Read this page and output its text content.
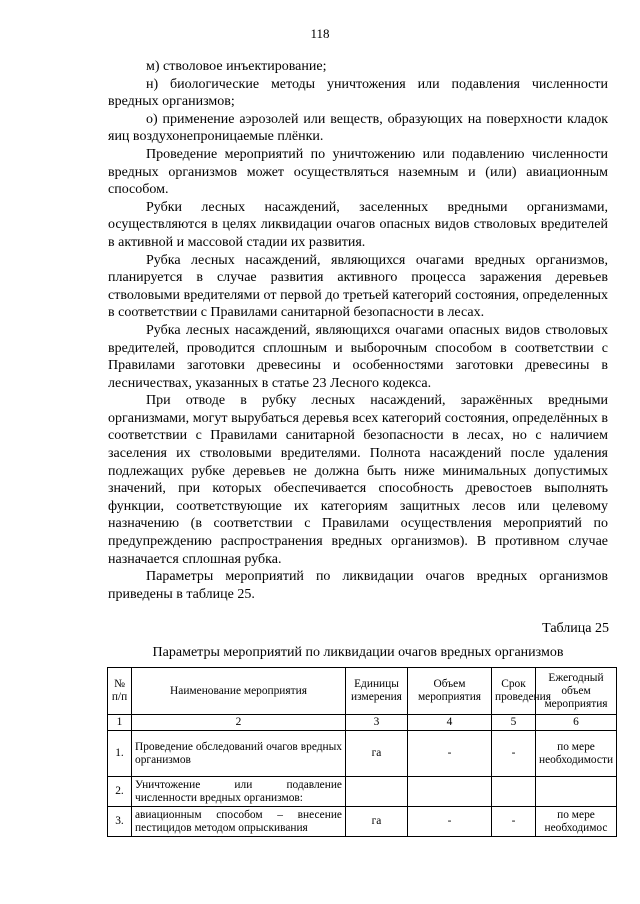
118

м) стволовое инъектирование;

н) биологические методы уничтожения или подавления численности вредных организмов;

о) применение аэрозолей или веществ, образующих на поверхности кладок яиц воздухонепроницаемые плёнки.

Проведение мероприятий по уничтожению или подавлению численности вредных организмов может осуществляться наземным и (или) авиационным способом.

Рубки лесных насаждений, заселенных вредными организмами, осуществляются в целях ликвидации очагов опасных видов стволовых вредителей в активной и массовой стадии их развития.

Рубка лесных насаждений, являющихся очагами вредных организмов, планируется в случае развития активного процесса заражения деревьев стволовыми вредителями от первой до третьей категорий состояния, определенных в соответствии с Правилами санитарной безопасности в лесах.

Рубка лесных насаждений, являющихся очагами опасных видов стволовых вредителей, проводится сплошным и выборочным способом в соответствии с Правилами заготовки древесины и особенностями заготовки древесины в лесничествах, указанных в статье 23 Лесного кодекса.

При отводе в рубку лесных насаждений, заражённых вредными организмами, могут вырубаться деревья всех категорий состояния, определённых в соответствии с Правилами санитарной безопасности в лесах, но с наличием заселения их стволовыми вредителями. Полнота насаждений после удаления подлежащих рубке деревьев не должна быть ниже минимальных допустимых значений, при которых обеспечивается способность древостоев выполнять функции, соответствующие их категориям защитных лесов или целевому назначению (в соответствии с Правилами осуществления мероприятий по предупреждению распространения вредных организмов). В противном случае назначается сплошная рубка.

Параметры мероприятий по ликвидации очагов вредных организмов приведены в таблице 25.

Таблица 25
Параметры мероприятий по ликвидации очагов вредных организмов
№ п/п	Наименование мероприятия	Единицы измерения	Объем мероприятия	Срок проведения	Ежегодный объем мероприятия
1	2	3	4	5	6
1.	Проведение обследований очагов вредных организмов	га	-	-	по мере необходимости
2.	Уничтожение или подавление численности вредных организмов:				
3.	авиационным способом – внесение пестицидов методом опрыскивания	га	-	-	по мере необходимос
